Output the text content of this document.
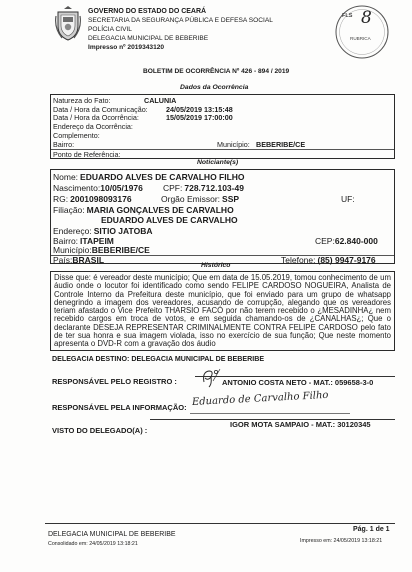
GOVERNO DO ESTADO DO CEARÁ
SECRETARIA DA SEGURANÇA PÚBLICA E DEFESA SOCIAL
POLÍCIA CIVIL
DELEGACIA MUNICIPAL DE BEBERIBE
Impresso nº 2019343120
FLS 8
RUBRICA
BOLETIM DE OCORRÊNCIA Nº 426 - 894 / 2019
Dados da Ocorrência
Natureza do Fato:	CALUNIA
Data / Hora da Comunicação:	24/05/2019 13:15:48
Data / Hora da Ocorrência:	15/05/2019 17:00:00
Endereço da Ocorrência:
Complemento:
Bairro:	Município: BEBERIBE/CE
Ponto de Referência:
Noticiante(s)
Nome: EDUARDO ALVES DE CARVALHO FILHO
Nascimento:10/05/1976 CPF: 728.712.103-49
RG: 2001098093176	Orgão Emissor: SSP	UF:
Filiação: MARIA GONÇALVES DE CARVALHO
EDUARDO ALVES DE CARVALHO
Endereço: SITIO JATOBA
Bairro: ITAPEIM	CEP:62.840-000
Município:BEBERIBE/CE
País:BRASIL	Telefone: (85) 9947-9176
Histórico
Disse que: é vereador deste município; Que em data de 15.05.2019, tomou conhecimento de um áudio onde o locutor foi identificado como sendo FELIPE CARDOSO NOGUEIRA, Analista de Controle Interno da Prefeitura deste município, que foi enviado para um grupo de whatsapp denegrindo a imagem dos vereadores, acusando de corrupção, alegando que os vereadores teriam afastado o Vice Prefeito THARSIO FACÓ por não terem recebido o ¿MESADINHA¿ nem recebido cargos em troca de votos, e em seguida chamando-os de ¿CANALHAS¿; Que o declarante DESEJA REPRESENTAR CRIMINALMENTE CONTRA FELIPE CARDOSO pelo fato de ter sua honra e sua imagem violada, isso no exercício de sua função; Que neste momento apresenta o DVD-R com a gravação dos áudio
DELEGACIA DESTINO: DELEGACIA MUNICIPAL DE BEBERIBE
RESPONSÁVEL PELO REGISTRO :	ANTONIO COSTA NETO - MAT.: 059658-3-0
RESPONSÁVEL PELA INFORMAÇÃO: Eduardo de Carvalho Filho
VISTO DO DELEGADO(A) :
IGOR MOTA SAMPAIO - MAT.: 30120345
DELEGACIA MUNICIPAL DE BEBERIBE
Consolidado em: 24/05/2019 13:18:21
Pág. 1 de 1
Impresso em: 24/05/2019 13:18:21
